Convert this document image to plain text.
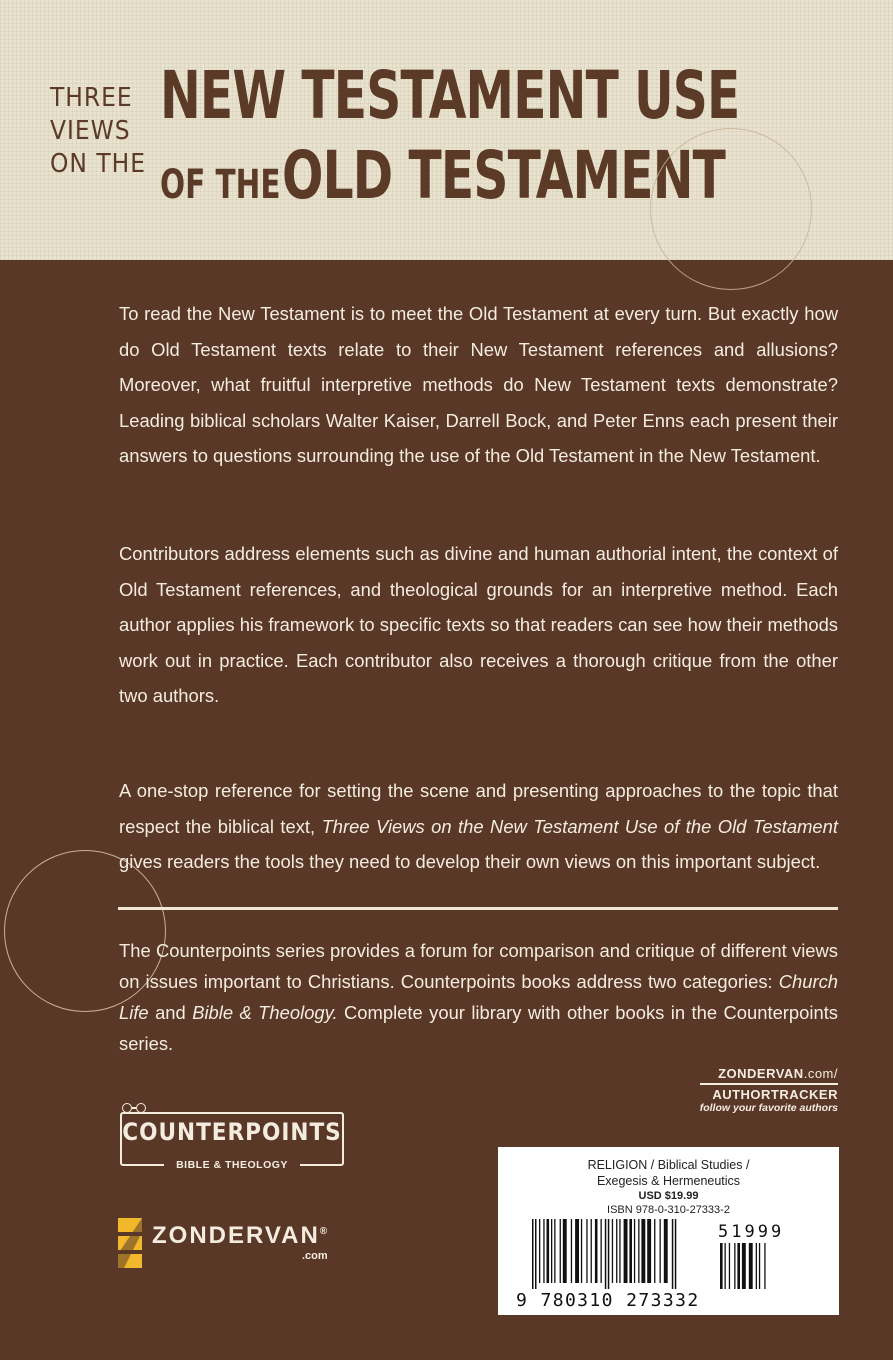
THREE
VIEWS
ON THE
NEW TESTAMENT USE
OF THE OLD TESTAMENT
To read the New Testament is to meet the Old Testament at every turn. But exactly how do Old Testament texts relate to their New Testament references and allusions? Moreover, what fruitful interpretive methods do New Testament texts demonstrate? Leading biblical scholars Walter Kaiser, Darrell Bock, and Peter Enns each present their answers to questions surrounding the use of the Old Testament in the New Testament.
Contributors address elements such as divine and human authorial intent, the context of Old Testament references, and theological grounds for an interpretive method. Each author applies his framework to specific texts so that readers can see how their methods work out in practice. Each contributor also receives a thorough critique from the other two authors.
A one-stop reference for setting the scene and presenting approaches to the topic that respect the biblical text, Three Views on the New Testament Use of the Old Testament gives readers the tools they need to develop their own views on this important subject.
The Counterpoints series provides a forum for comparison and critique of different views on issues important to Christians. Counterpoints books address two categories: Church Life and Bible & Theology. Complete your library with other books in the Counterpoints series.
ZONDERVAN.com/
AUTHORTRACKER
follow your favorite authors
COUNTERPOINTS
BIBLE & THEOLOGY
ZONDERVAN®
.com
RELIGION / Biblical Studies /
Exegesis & Hermeneutics
USD $19.99
ISBN 978-0-310-27333-2
51999
9 780310 273332
